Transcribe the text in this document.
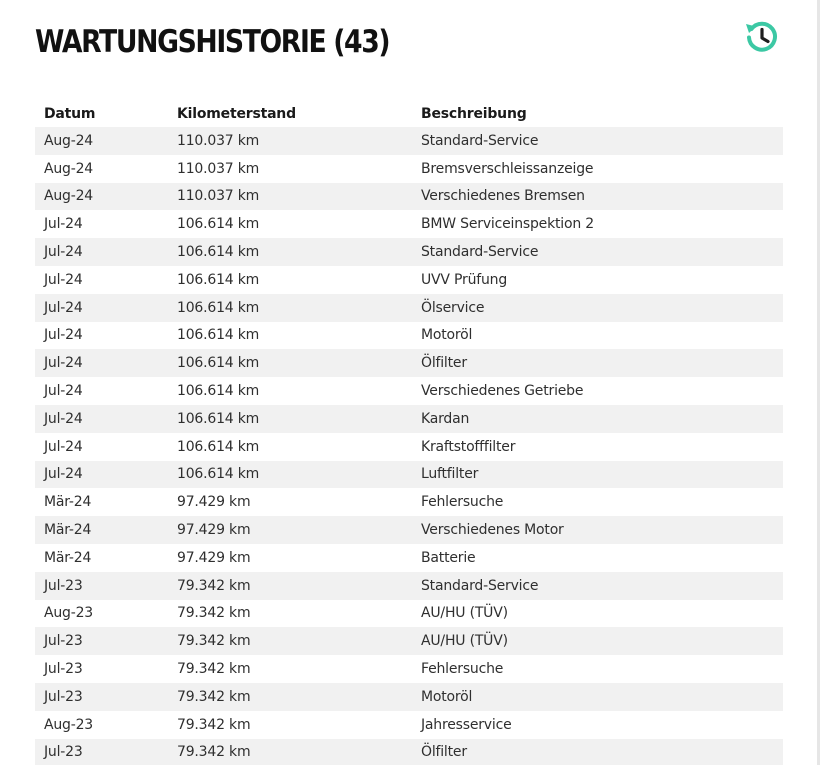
WARTUNGSHISTORIE (43)
Datum	Kilometerstand	Beschreibung
Aug-24	110.037 km	Standard-Service
Aug-24	110.037 km	Bremsverschleissanzeige
Aug-24	110.037 km	Verschiedenes Bremsen
Jul-24	106.614 km	BMW Serviceinspektion 2
Jul-24	106.614 km	Standard-Service
Jul-24	106.614 km	UVV Prüfung
Jul-24	106.614 km	Ölservice
Jul-24	106.614 km	Motoröl
Jul-24	106.614 km	Ölfilter
Jul-24	106.614 km	Verschiedenes Getriebe
Jul-24	106.614 km	Kardan
Jul-24	106.614 km	Kraftstofffilter
Jul-24	106.614 km	Luftfilter
Mär-24	97.429 km	Fehlersuche
Mär-24	97.429 km	Verschiedenes Motor
Mär-24	97.429 km	Batterie
Jul-23	79.342 km	Standard-Service
Aug-23	79.342 km	AU/HU (TÜV)
Jul-23	79.342 km	AU/HU (TÜV)
Jul-23	79.342 km	Fehlersuche
Jul-23	79.342 km	Motoröl
Aug-23	79.342 km	Jahresservice
Jul-23	79.342 km	Ölfilter
